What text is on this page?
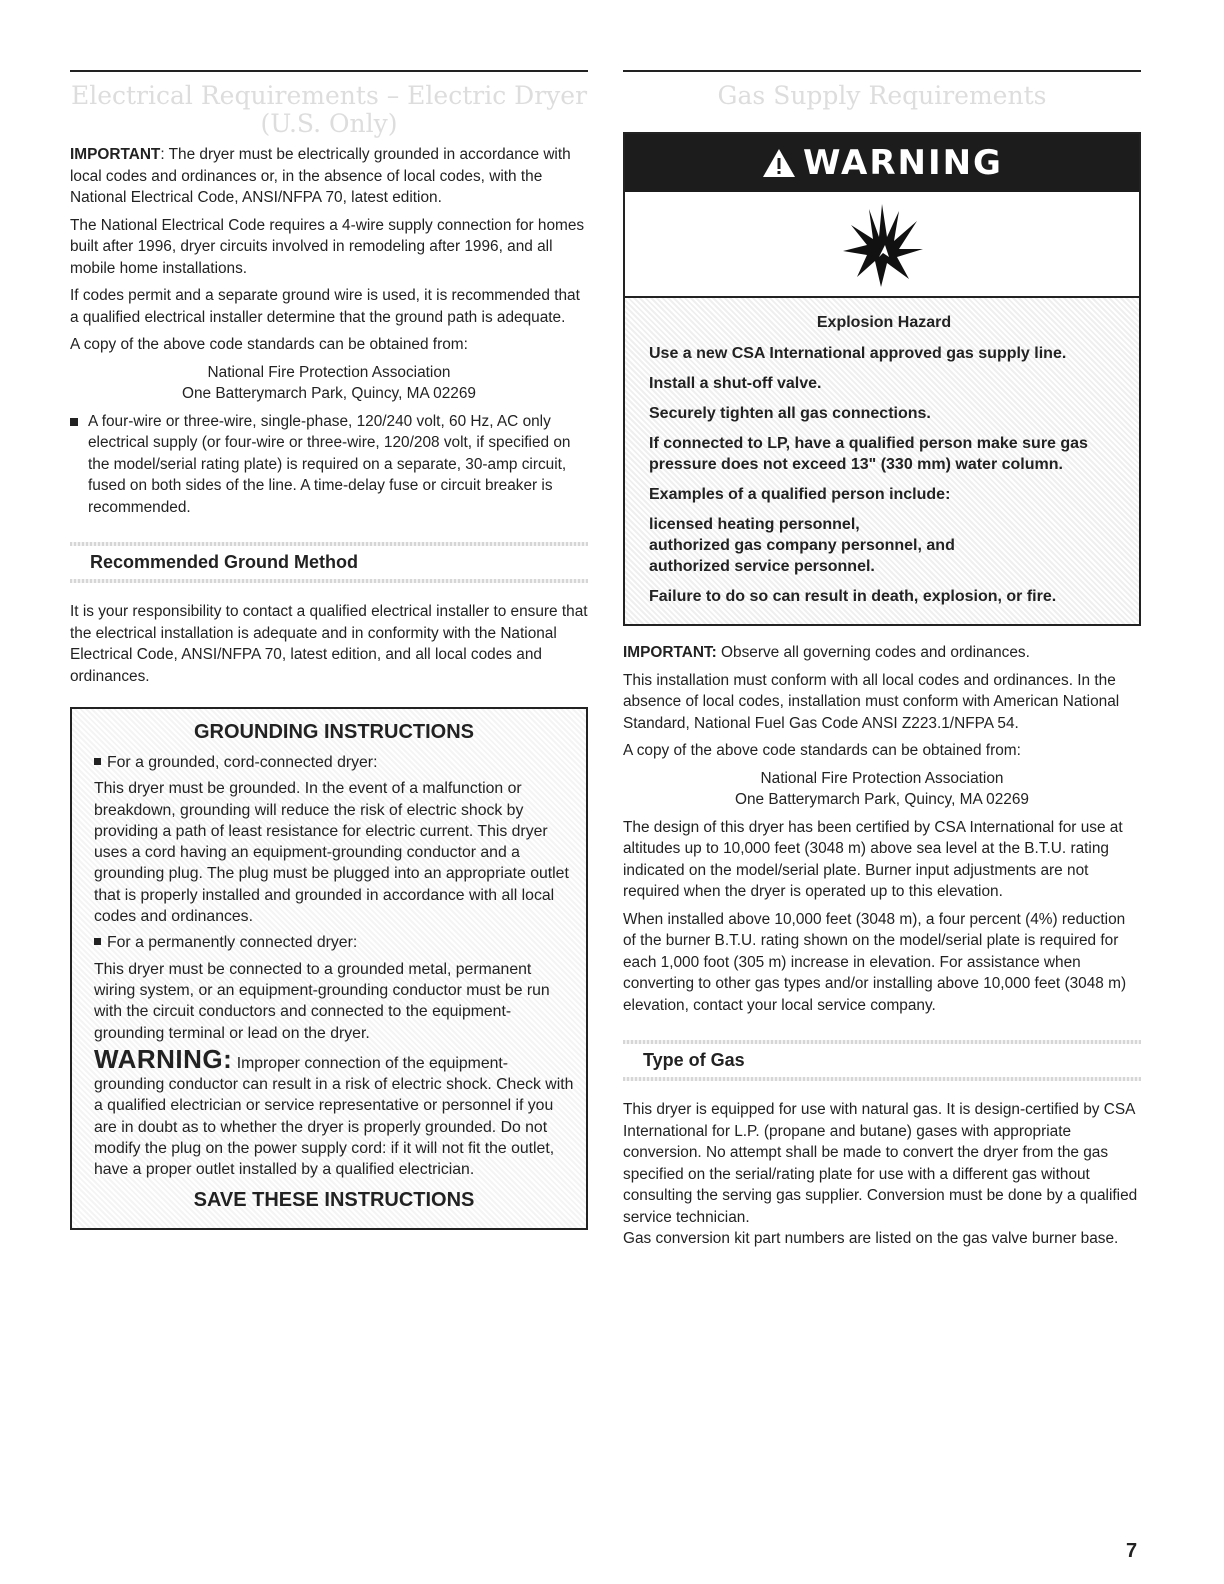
Electrical Requirements – Electric Dryer
(U.S. Only)

IMPORTANT: The dryer must be electrically grounded in accordance with local codes and ordinances or, in the absence of local codes, with the National Electrical Code, ANSI/NFPA 70, latest edition.

The National Electrical Code requires a 4-wire supply connection for homes built after 1996, dryer circuits involved in remodeling after 1996, and all mobile home installations.

If codes permit and a separate ground wire is used, it is recommended that a qualified electrical installer determine that the ground path is adequate.

A copy of the above code standards can be obtained from:

National Fire Protection Association
One Batterymarch Park, Quincy, MA 02269
A four-wire or three-wire, single-phase, 120/240 volt, 60 Hz, AC only electrical supply (or four-wire or three-wire, 120/208 volt, if specified on the model/serial rating plate) is required on a separate, 30-amp circuit, fused on both sides of the line. A time-delay fuse or circuit breaker is recommended.
Recommended Ground Method

It is your responsibility to contact a qualified electrical installer to ensure that the electrical installation is adequate and in conformity with the National Electrical Code, ANSI/NFPA 70, latest edition, and all local codes and ordinances.

GROUNDING INSTRUCTIONS

For a grounded, cord-connected dryer:

This dryer must be grounded. In the event of a malfunction or breakdown, grounding will reduce the risk of electric shock by providing a path of least resistance for electric current. This dryer uses a cord having an equipment-grounding conductor and a grounding plug. The plug must be plugged into an appropriate outlet that is properly installed and grounded in accordance with all local codes and ordinances.

For a permanently connected dryer:

This dryer must be connected to a grounded metal, permanent wiring system, or an equipment-grounding conductor must be run with the circuit conductors and connected to the equipment-grounding terminal or lead on the dryer.

WARNING: Improper connection of the equipment-grounding conductor can result in a risk of electric shock. Check with a qualified electrician or service representative or personnel if you are in doubt as to whether the dryer is properly grounded. Do not modify the plug on the power supply cord: if it will not fit the outlet, have a proper outlet installed by a qualified electrician.

SAVE THESE INSTRUCTIONS
Gas Supply Requirements
WARNING
Explosion Hazard
Use a new CSA International approved gas supply line.
Install a shut-off valve.
Securely tighten all gas connections.
If connected to LP, have a qualified person make sure gas pressure does not exceed 13" (330 mm) water column.
Examples of a qualified person include:
licensed heating personnel,
authorized gas company personnel, and
authorized service personnel.
Failure to do so can result in death, explosion, or fire.

IMPORTANT: Observe all governing codes and ordinances.

This installation must conform with all local codes and ordinances. In the absence of local codes, installation must conform with American National Standard, National Fuel Gas Code ANSI Z223.1/NFPA 54.

A copy of the above code standards can be obtained from:

National Fire Protection Association
One Batterymarch Park, Quincy, MA 02269

The design of this dryer has been certified by CSA International for use at altitudes up to 10,000 feet (3048 m) above sea level at the B.T.U. rating indicated on the model/serial plate. Burner input adjustments are not required when the dryer is operated up to this elevation.

When installed above 10,000 feet (3048 m), a four percent (4%) reduction of the burner B.T.U. rating shown on the model/serial plate is required for each 1,000 foot (305 m) increase in elevation. For assistance when converting to other gas types and/or installing above 10,000 feet (3048 m) elevation, contact your local service company.

Type of Gas

This dryer is equipped for use with natural gas. It is design-certified by CSA International for L.P. (propane and butane) gases with appropriate conversion. No attempt shall be made to convert the dryer from the gas specified on the serial/rating plate for use with a different gas without consulting the serving gas supplier. Conversion must be done by a qualified service technician.

Gas conversion kit part numbers are listed on the gas valve burner base.

7
